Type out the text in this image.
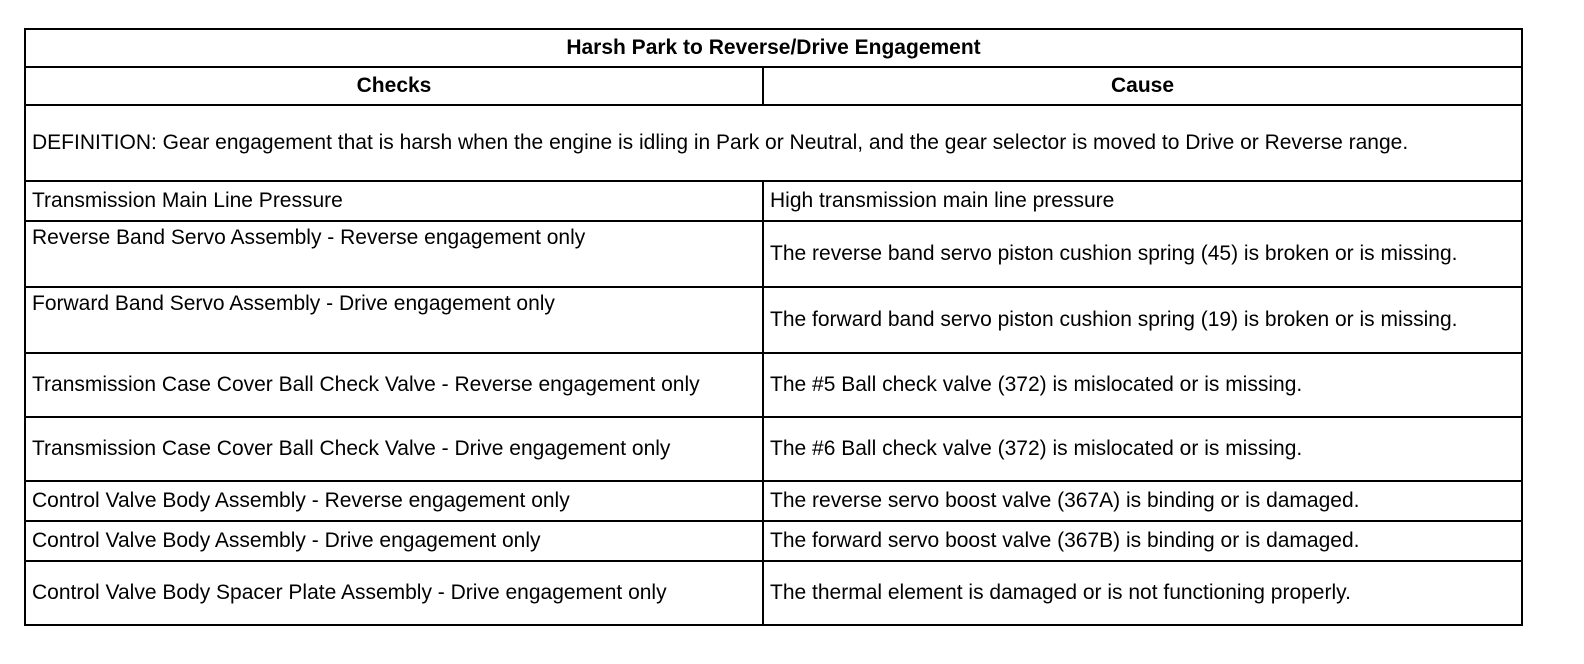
Harsh Park to Reverse/Drive Engagement	
Checks	Cause
DEFINITION: Gear engagement that is harsh when the engine is idling in Park or Neutral, and the gear selector is moved to Drive or Reverse range.	
Transmission Main Line Pressure	High transmission main line pressure
Reverse Band Servo Assembly - Reverse engagement only	The reverse band servo piston cushion spring (45) is broken or is missing.
Forward Band Servo Assembly - Drive engagement only	The forward band servo piston cushion spring (19) is broken or is missing.
Transmission Case Cover Ball Check Valve - Reverse engagement only	The #5 Ball check valve (372) is mislocated or is missing.
Transmission Case Cover Ball Check Valve - Drive engagement only	The #6 Ball check valve (372) is mislocated or is missing.
Control Valve Body Assembly - Reverse engagement only	The reverse servo boost valve (367A) is binding or is damaged.
Control Valve Body Assembly - Drive engagement only	The forward servo boost valve (367B) is binding or is damaged.
Control Valve Body Spacer Plate Assembly - Drive engagement only	The thermal element is damaged or is not functioning properly.
